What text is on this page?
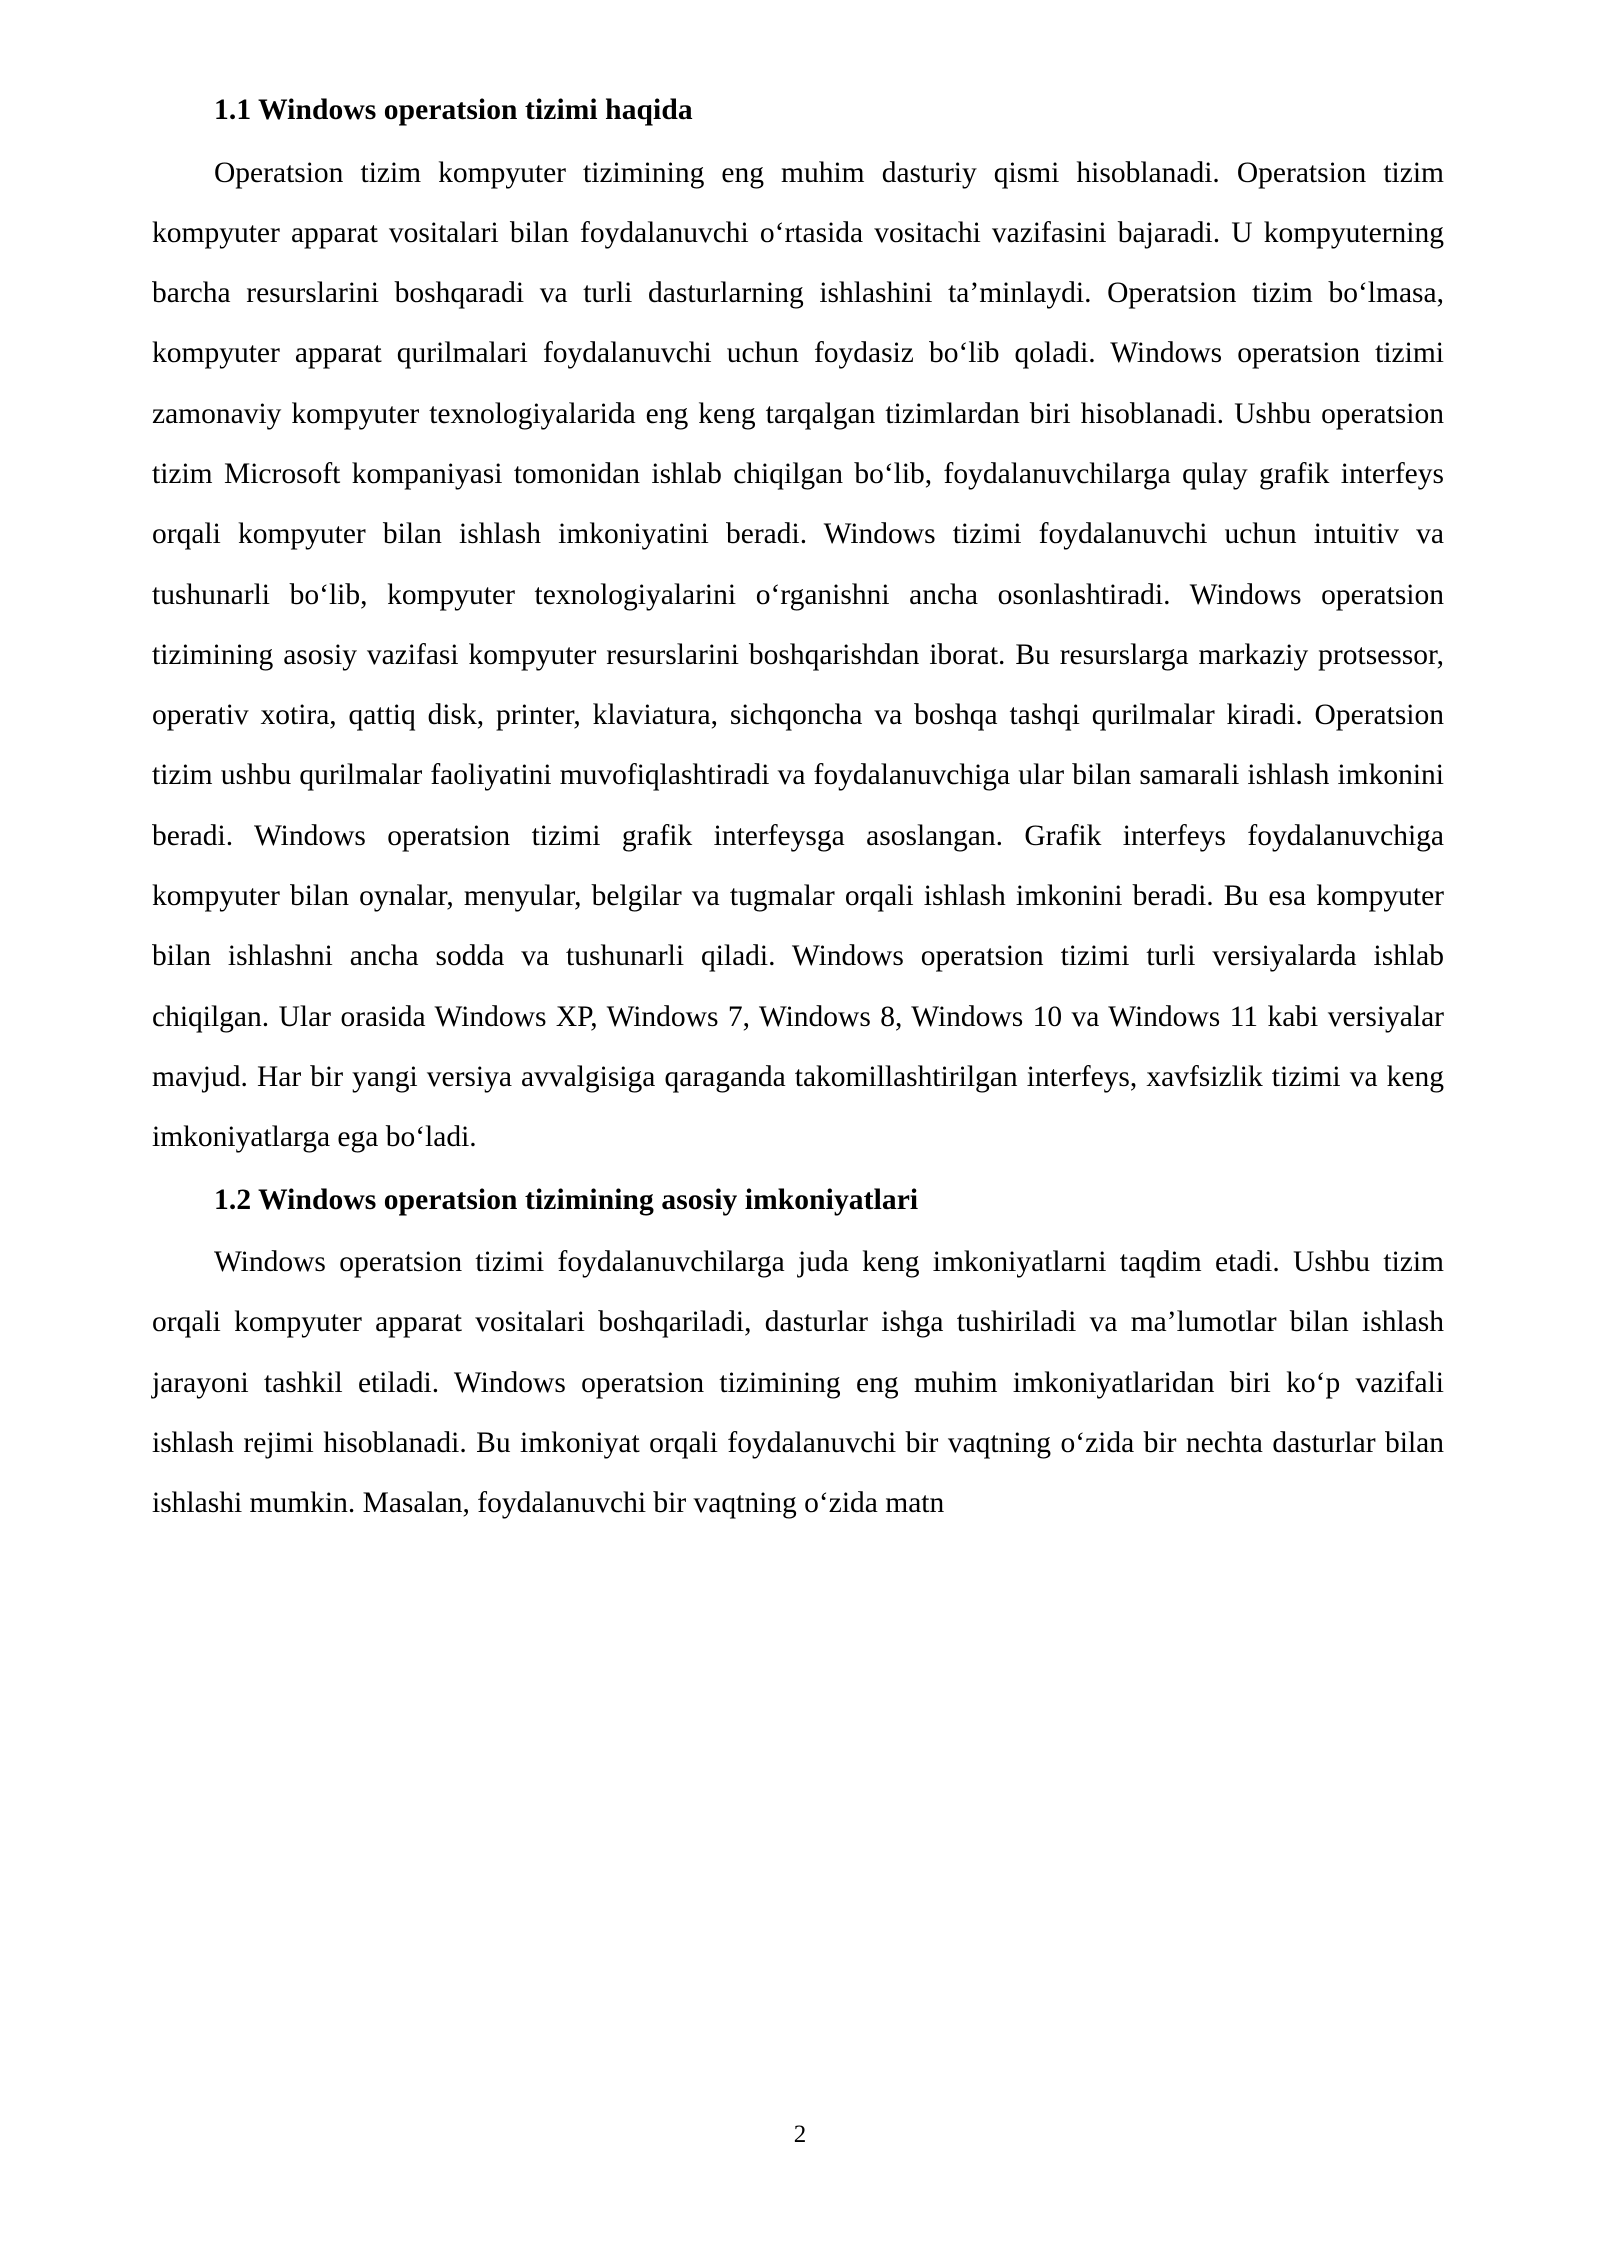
1.1 Windows operatsion tizimi haqida

Operatsion tizim kompyuter tizimining eng muhim dasturiy qismi hisoblanadi. Operatsion tizim kompyuter apparat vositalari bilan foydalanuvchi o‘rtasida vositachi vazifasini bajaradi. U kompyuterning barcha resurslarini boshqaradi va turli dasturlarning ishlashini ta’minlaydi. Operatsion tizim bo‘lmasa, kompyuter apparat qurilmalari foydalanuvchi uchun foydasiz bo‘lib qoladi. Windows operatsion tizimi zamonaviy kompyuter texnologiyalarida eng keng tarqalgan tizimlardan biri hisoblanadi. Ushbu operatsion tizim Microsoft kompaniyasi tomonidan ishlab chiqilgan bo‘lib, foydalanuvchilarga qulay grafik interfeys orqali kompyuter bilan ishlash imkoniyatini beradi. Windows tizimi foydalanuvchi uchun intuitiv va tushunarli bo‘lib, kompyuter texnologiyalarini o‘rganishni ancha osonlashtiradi. Windows operatsion tizimining asosiy vazifasi kompyuter resurslarini boshqarishdan iborat. Bu resurslarga markaziy protsessor, operativ xotira, qattiq disk, printer, klaviatura, sichqoncha va boshqa tashqi qurilmalar kiradi. Operatsion tizim ushbu qurilmalar faoliyatini muvofiqlashtiradi va foydalanuvchiga ular bilan samarali ishlash imkonini beradi. Windows operatsion tizimi grafik interfeysga asoslangan. Grafik interfeys foydalanuvchiga kompyuter bilan oynalar, menyular, belgilar va tugmalar orqali ishlash imkonini beradi. Bu esa kompyuter bilan ishlashni ancha sodda va tushunarli qiladi. Windows operatsion tizimi turli versiyalarda ishlab chiqilgan. Ular orasida Windows XP, Windows 7, Windows 8, Windows 10 va Windows 11 kabi versiyalar mavjud. Har bir yangi versiya avvalgisiga qaraganda takomillashtirilgan interfeys, xavfsizlik tizimi va keng imkoniyatlarga ega bo‘ladi.

1.2 Windows operatsion tizimining asosiy imkoniyatlari

Windows operatsion tizimi foydalanuvchilarga juda keng imkoniyatlarni taqdim etadi. Ushbu tizim orqali kompyuter apparat vositalari boshqariladi, dasturlar ishga tushiriladi va ma’lumotlar bilan ishlash jarayoni tashkil etiladi. Windows operatsion tizimining eng muhim imkoniyatlaridan biri ko‘p vazifali ishlash rejimi hisoblanadi. Bu imkoniyat orqali foydalanuvchi bir vaqtning o‘zida bir nechta dasturlar bilan ishlashi mumkin. Masalan, foydalanuvchi bir vaqtning o‘zida matn

2
